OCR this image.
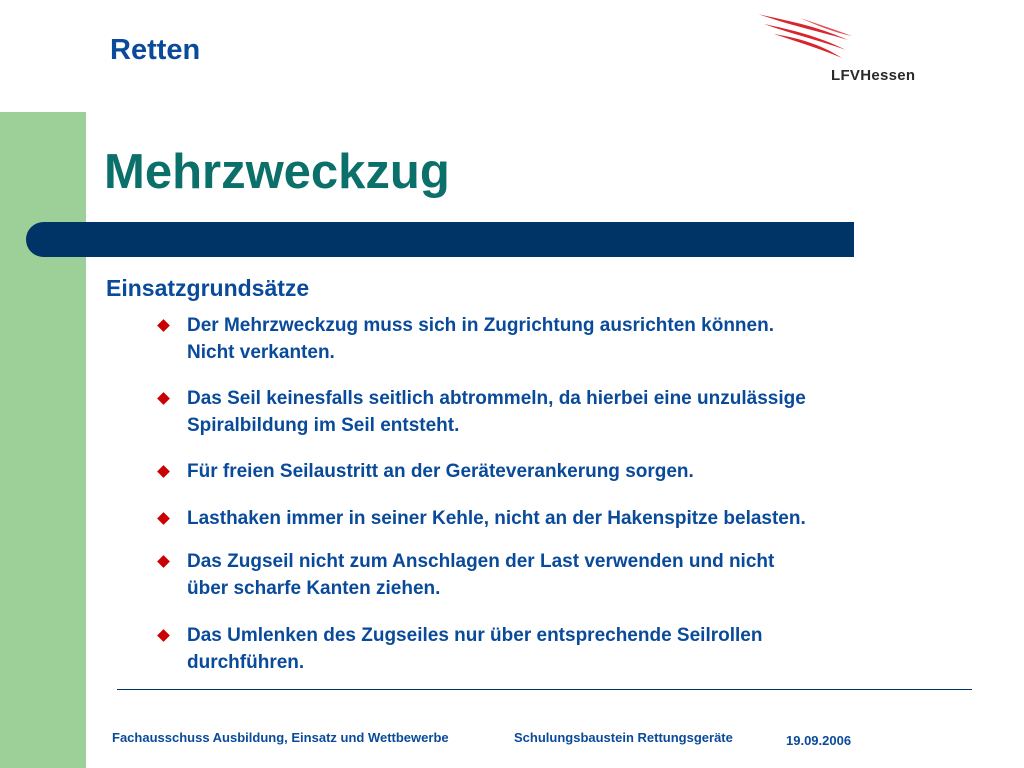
Retten
LFVHessen
Mehrzweckzug
Einsatzgrundsätze
Der Mehrzweckzug muss sich in Zugrichtung ausrichten können.
Nicht verkanten.
Das Seil keinesfalls seitlich abtrommeln, da hierbei eine unzulässige
Spiralbildung im Seil entsteht.
Für freien Seilaustritt an der Geräteverankerung sorgen.
Lasthaken immer in seiner Kehle, nicht an der Hakenspitze belasten.
Das Zugseil nicht zum Anschlagen der Last verwenden und nicht
über scharfe Kanten ziehen.
Das Umlenken des Zugseiles nur über entsprechende Seilrollen
durchführen.
Fachausschuss Ausbildung, Einsatz und Wettbewerbe	Schulungsbaustein Rettungsgeräte	19.09.2006
